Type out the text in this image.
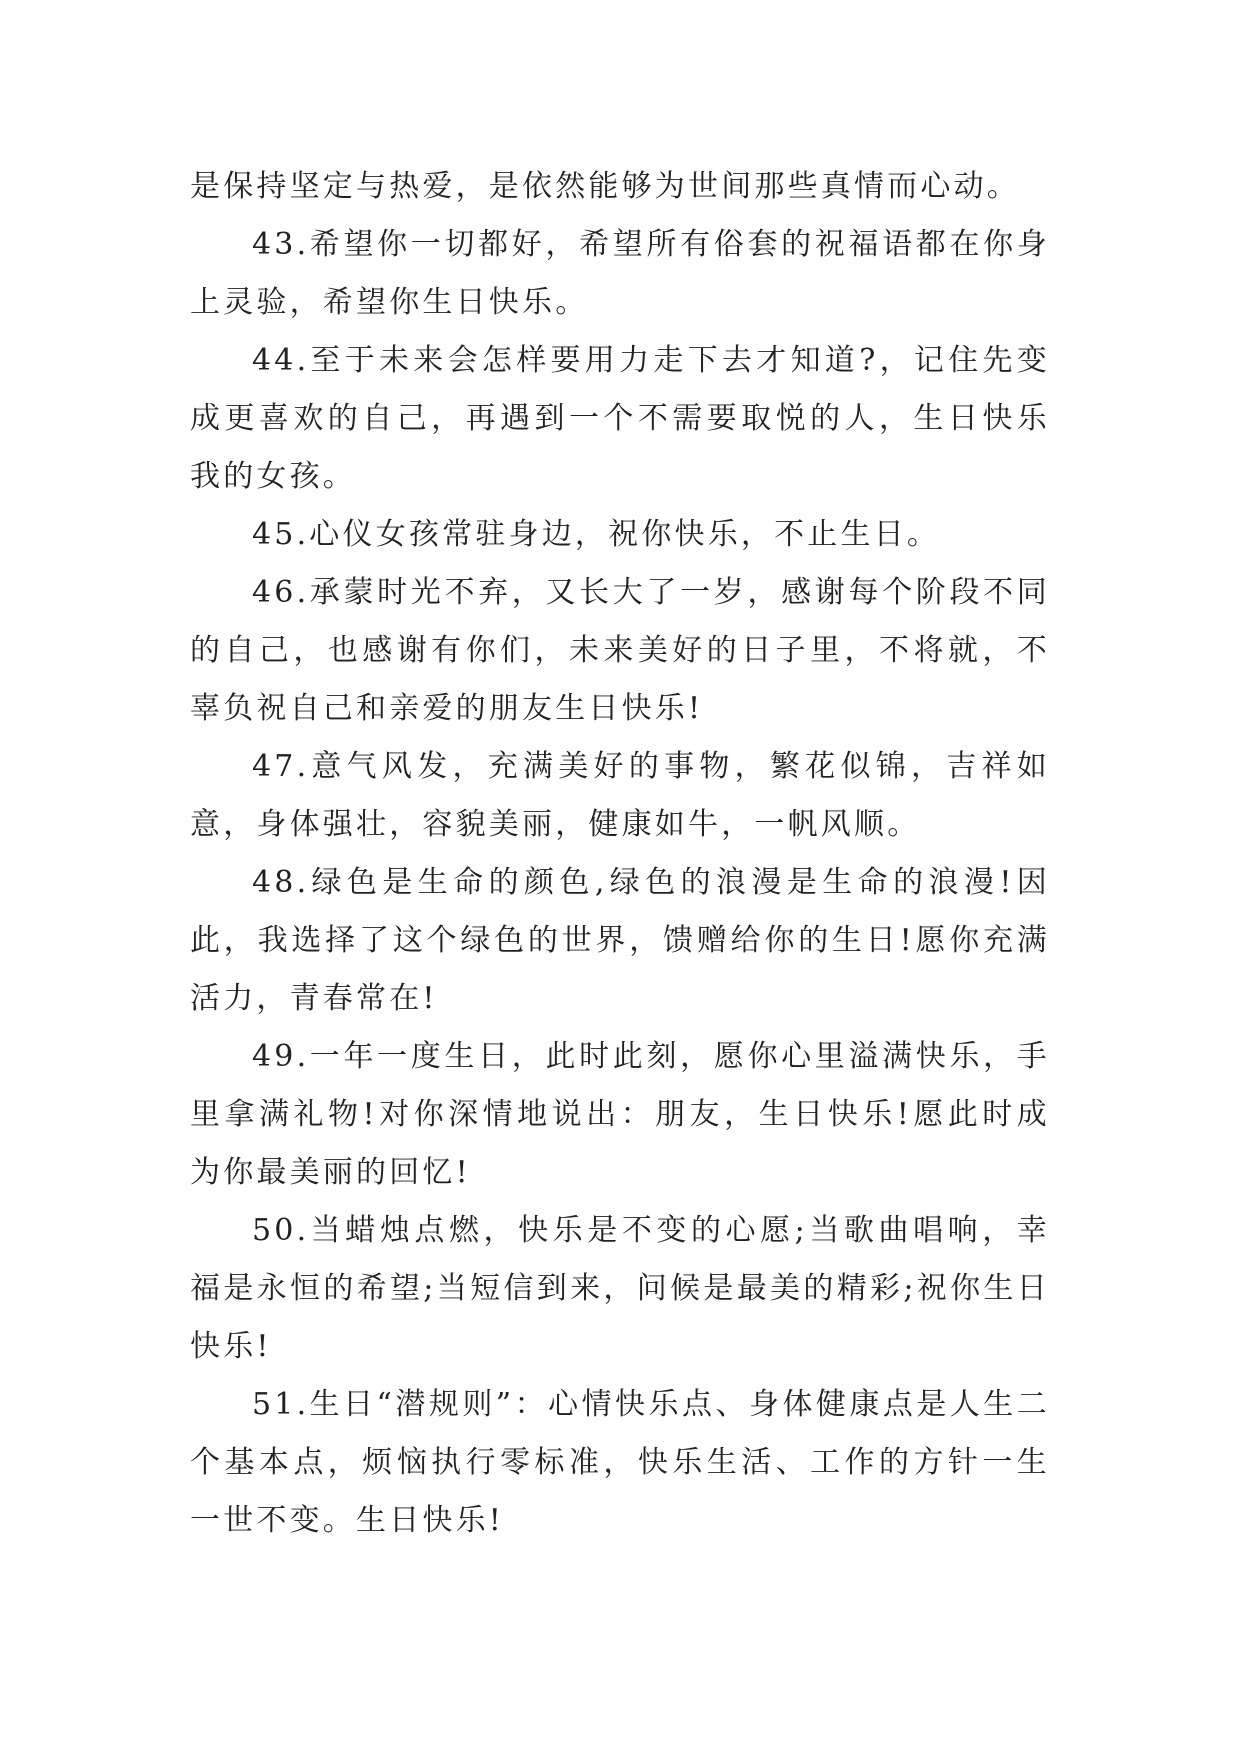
是保持坚定与热爱，是依然能够为世间那些真情而心动。

43.希望你一切都好，希望所有俗套的祝福语都在你身上灵验，希望你生日快乐。

44.至于未来会怎样要用力走下去才知道?，记住先变成更喜欢的自己，再遇到一个不需要取悦的人，生日快乐我的女孩。

45.心仪女孩常驻身边，祝你快乐，不止生日。

46.承蒙时光不弃，又长大了一岁，感谢每个阶段不同的自己，也感谢有你们，未来美好的日子里，不将就，不辜负祝自己和亲爱的朋友生日快乐!

47.意气风发，充满美好的事物，繁花似锦，吉祥如意，身体强壮，容貌美丽，健康如牛，一帆风顺。

48.绿色是生命的颜色,绿色的浪漫是生命的浪漫!因此，我选择了这个绿色的世界，馈赠给你的生日!愿你充满活力，青春常在!

49.一年一度生日，此时此刻，愿你心里溢满快乐，手里拿满礼物!对你深情地说出：朋友，生日快乐!愿此时成为你最美丽的回忆!

50.当蜡烛点燃，快乐是不变的心愿;当歌曲唱响，幸福是永恒的希望;当短信到来，问候是最美的精彩;祝你生日快乐!

51.生日“潜规则”：心情快乐点、身体健康点是人生二个基本点，烦恼执行零标准，快乐生活、工作的方针一生一世不变。生日快乐!
